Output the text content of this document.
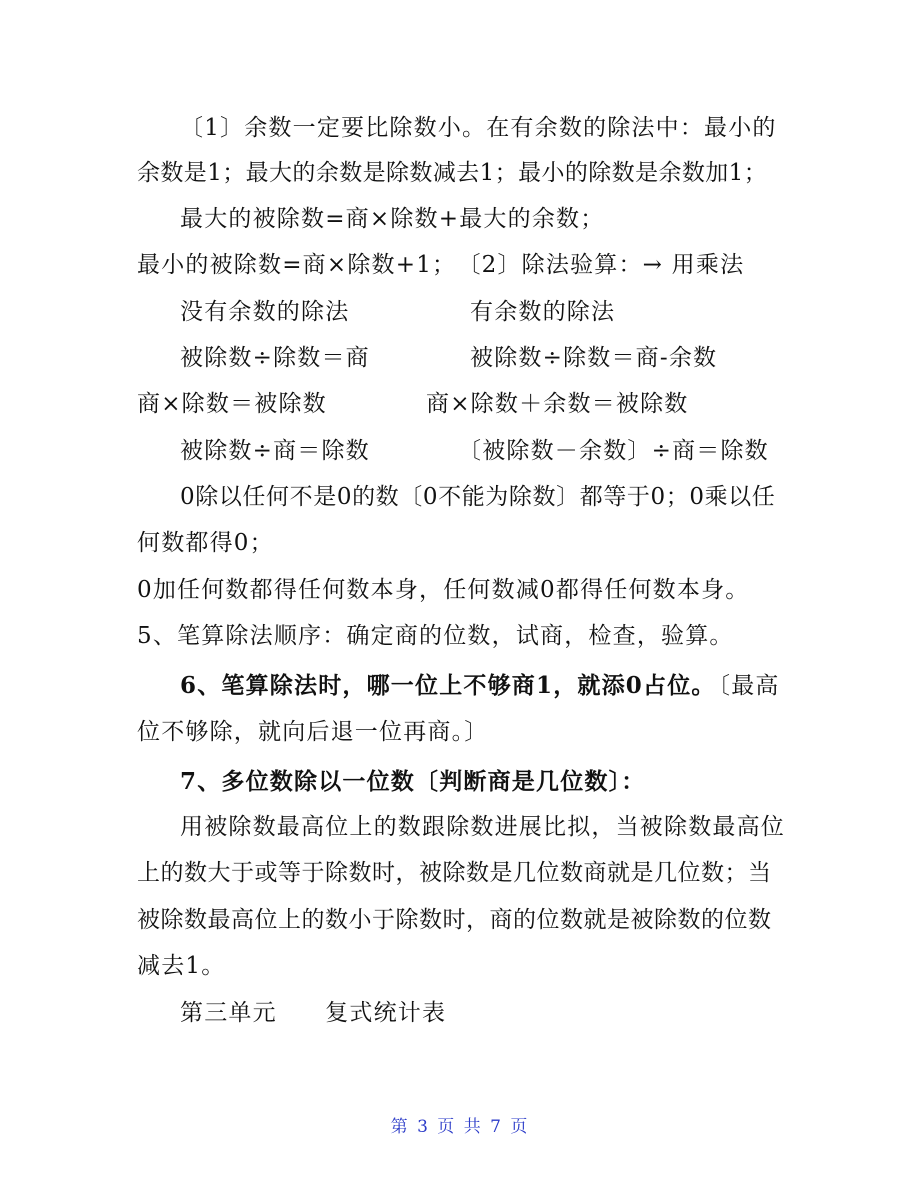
〔1〕余数一定要比除数小。在有余数的除法中：最小的
余数是1；最大的余数是除数减去1；最小的除数是余数加1；
最大的被除数=商×除数+最大的余数；
最小的被除数=商×除数+1；　〔2〕除法验算：→ 用乘法
没有余数的除法	有余数的除法
被除数÷除数＝商	被除数÷除数＝商-余数
商×除数＝被除数	商×除数＋余数＝被除数
被除数÷商＝除数	〔被除数－余数〕÷商＝除数
0除以任何不是0的数〔0不能为除数〕都等于0；0乘以任
何数都得0；
0加任何数都得任何数本身，任何数减0都得任何数本身。
5、笔算除法顺序：确定商的位数，试商，检查，验算。
6、笔算除法时，哪一位上不够商1，就添0占位。
〔最高
位不够除，就向后退一位再商。〕
7、多位数除以一位数〔判断商是几位数〕：
用被除数最高位上的数跟除数进展比拟，当被除数最高位
上的数大于或等于除数时，被除数是几位数商就是几位数；当
被除数最高位上的数小于除数时，商的位数就是被除数的位数
减去1。
第三单元　　复式统计表
第 3 页 共 7 页
